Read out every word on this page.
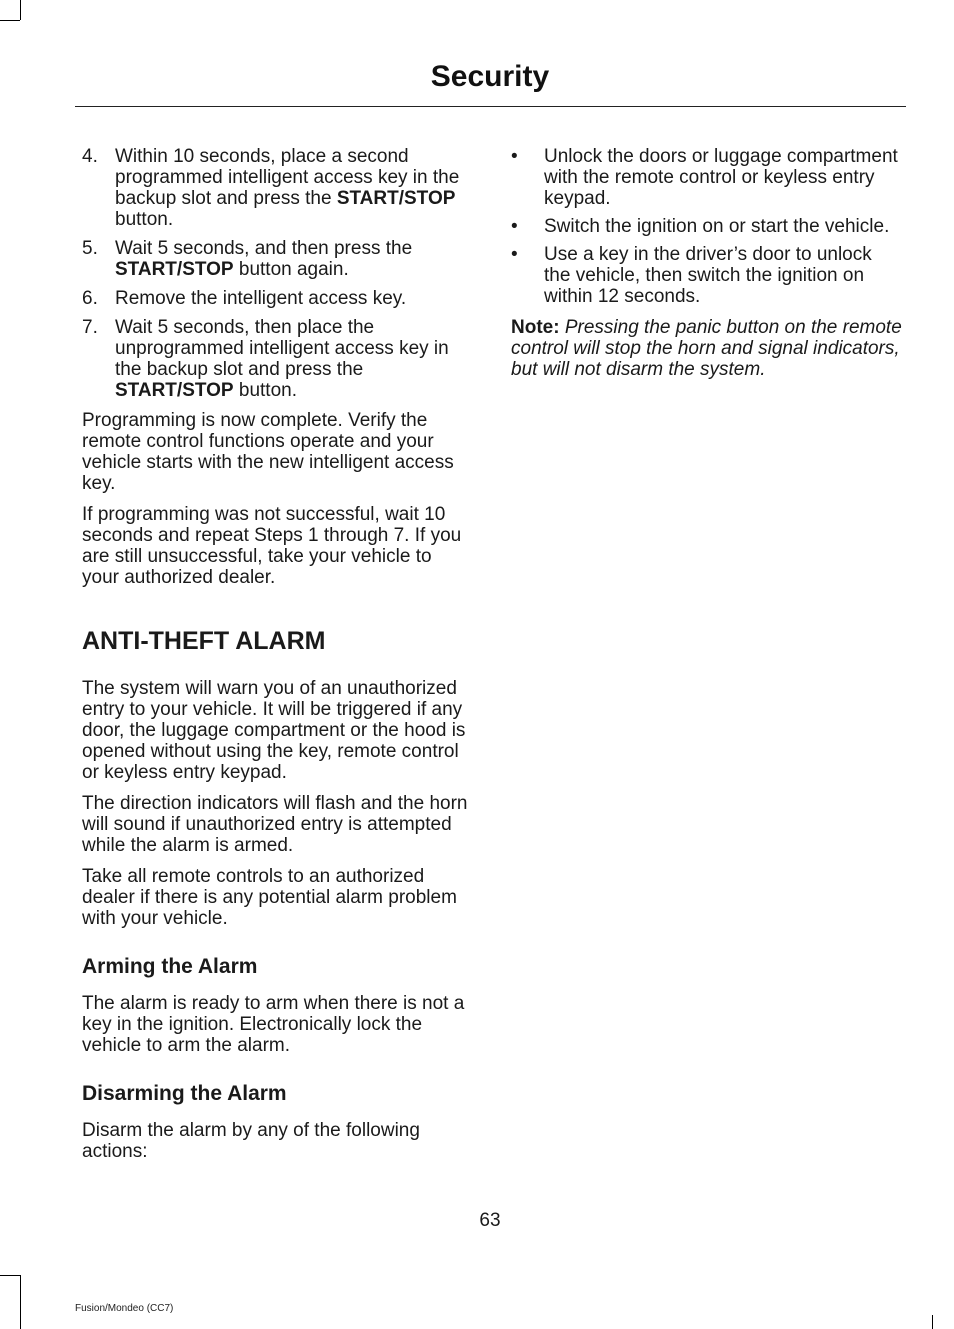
Security
4. Within 10 seconds, place a second programmed intelligent access key in the backup slot and press the START/STOP button.
5. Wait 5 seconds, and then press the START/STOP button again.
6. Remove the intelligent access key.
7. Wait 5 seconds, then place the unprogrammed intelligent access key in the backup slot and press the START/STOP button.

Programming is now complete. Verify the remote control functions operate and your vehicle starts with the new intelligent access key.

If programming was not successful, wait 10 seconds and repeat Steps 1 through 7. If you are still unsuccessful, take your vehicle to your authorized dealer.

ANTI-THEFT ALARM

The system will warn you of an unauthorized entry to your vehicle. It will be triggered if any door, the luggage compartment or the hood is opened without using the key, remote control or keyless entry keypad.

The direction indicators will flash and the horn will sound if unauthorized entry is attempted while the alarm is armed.

Take all remote controls to an authorized dealer if there is any potential alarm problem with your vehicle.

Arming the Alarm

The alarm is ready to arm when there is not a key in the ignition. Electronically lock the vehicle to arm the alarm.

Disarming the Alarm

Disarm the alarm by any of the following actions:

• Unlock the doors or luggage compartment with the remote control or keyless entry keypad.
• Switch the ignition on or start the vehicle.
• Use a key in the driver’s door to unlock the vehicle, then switch the ignition on within 12 seconds.

Note: Pressing the panic button on the remote control will stop the horn and signal indicators, but will not disarm the system.

63
Fusion/Mondeo (CC7)
